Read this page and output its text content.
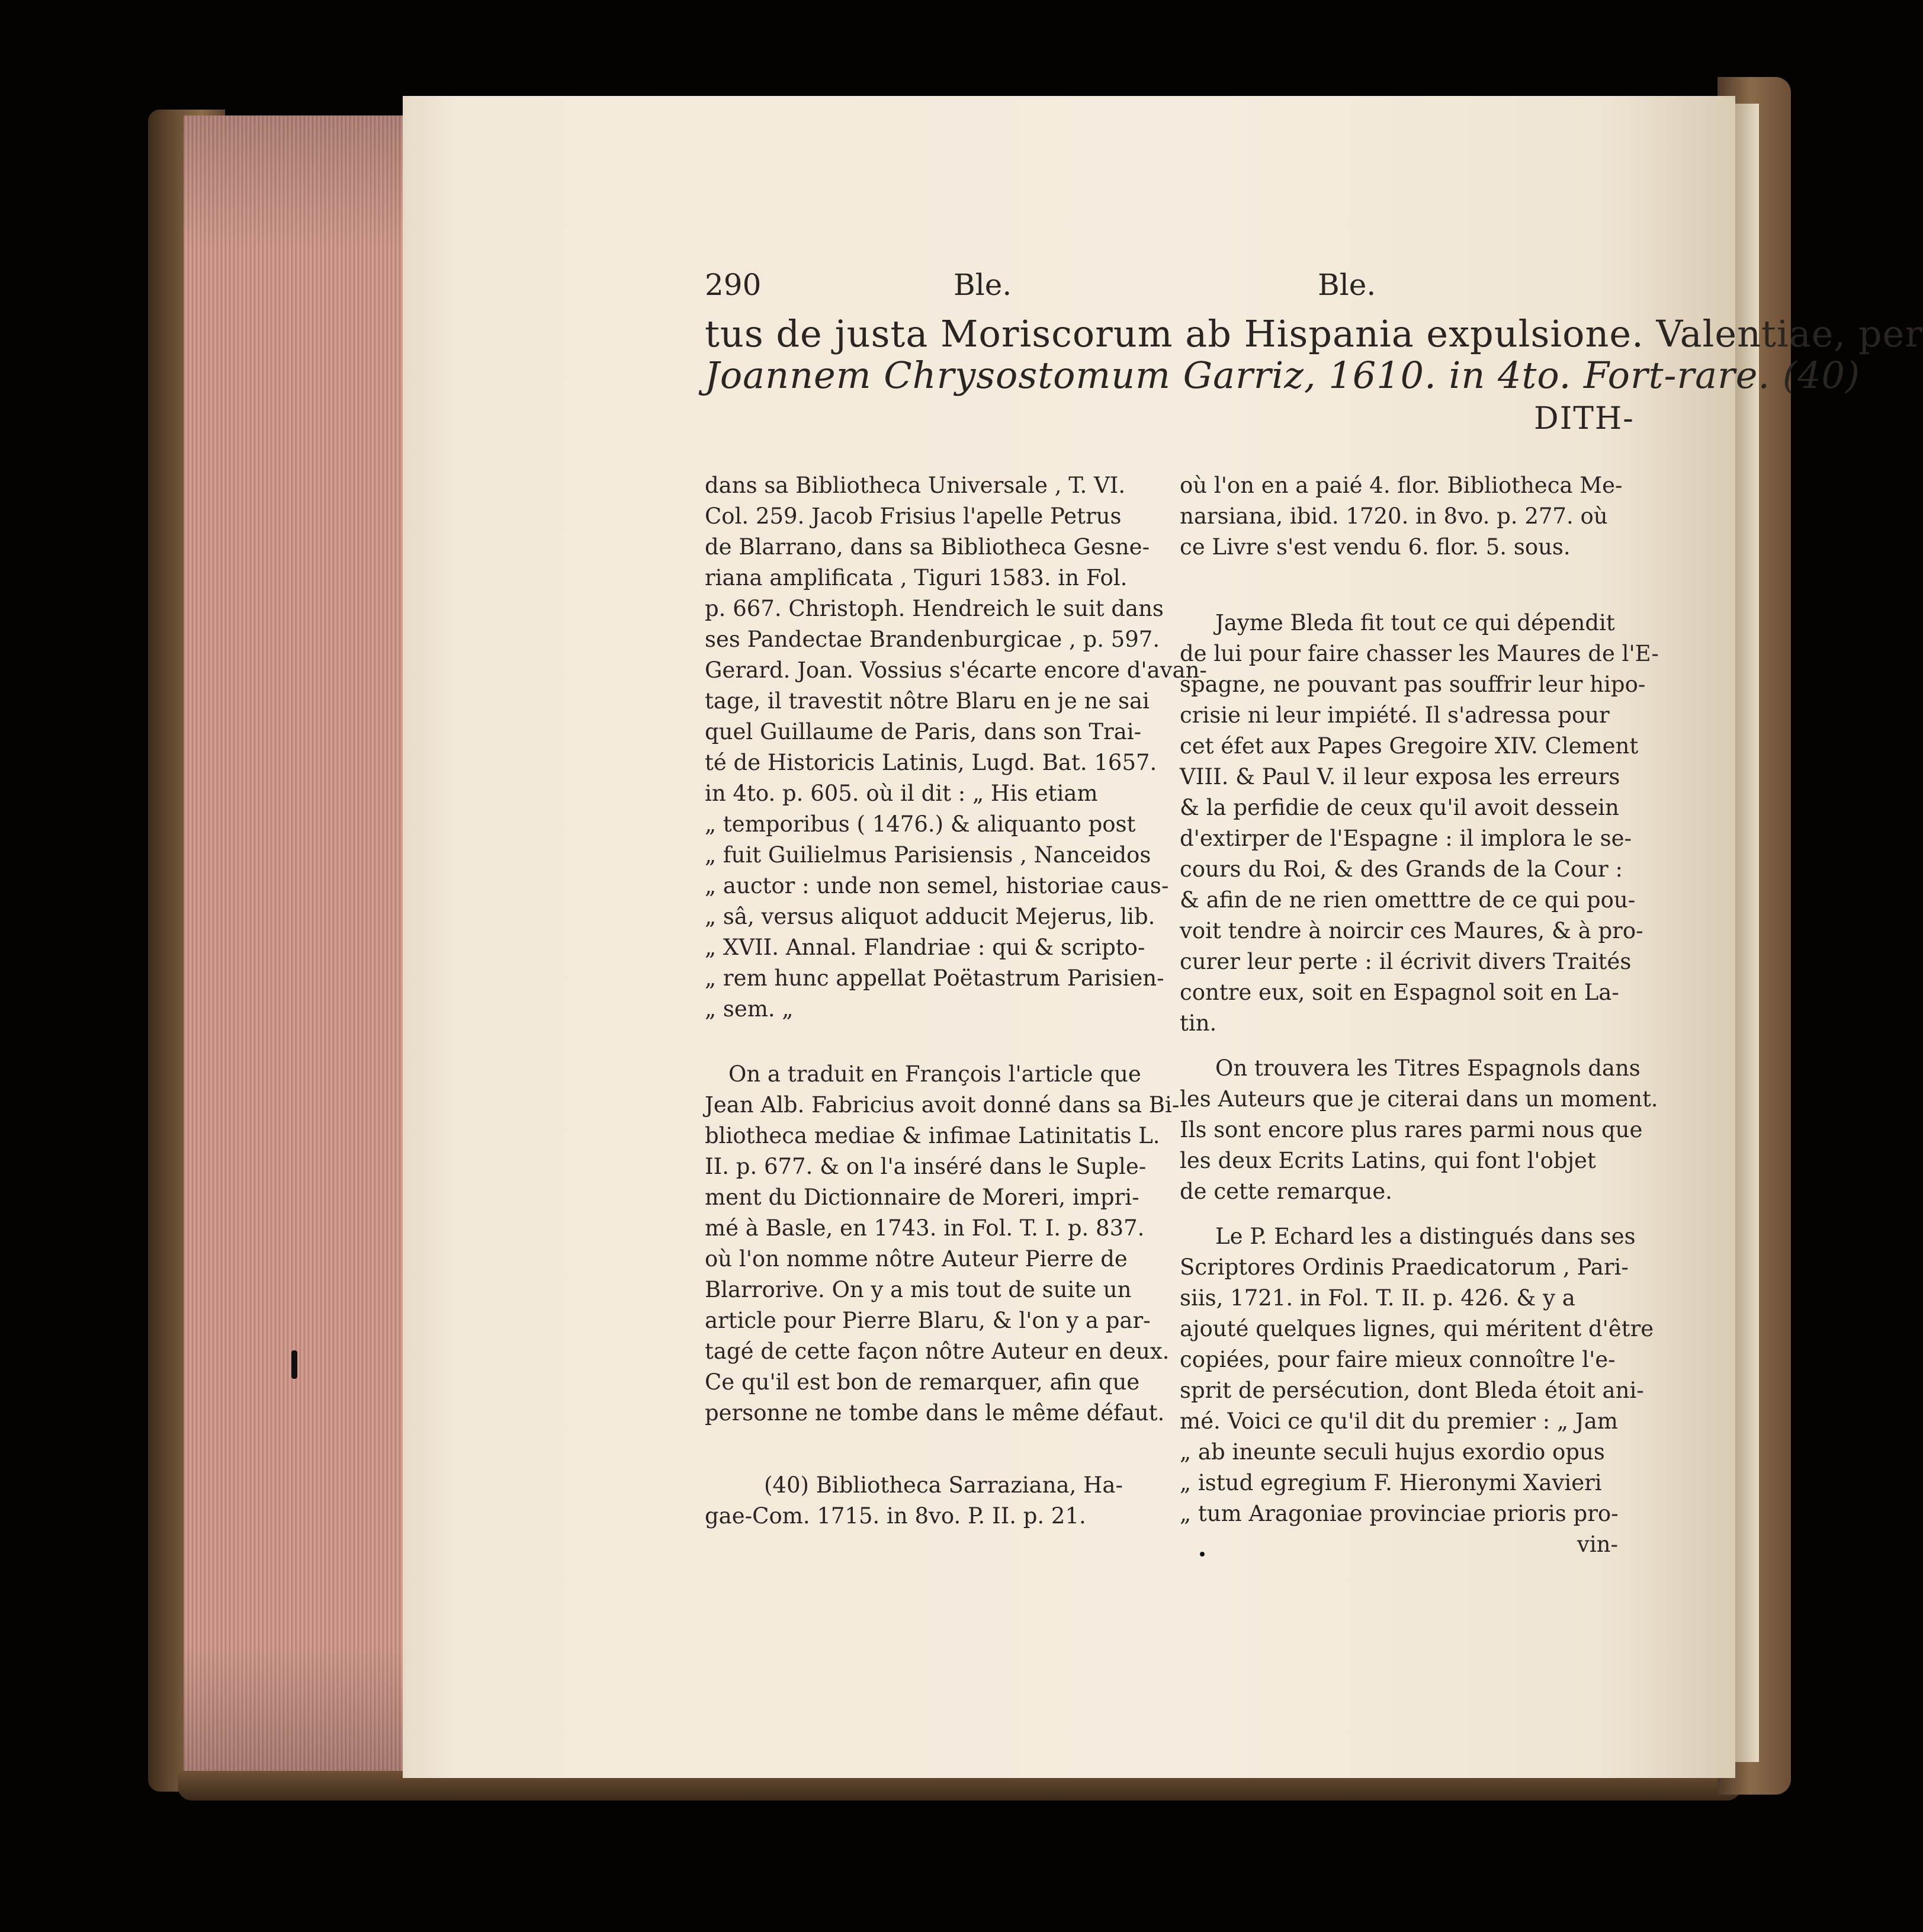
290	Ble.	Ble.
tus de justa Moriscorum ab Hispania expulsione. Valentiae, per
Joannem Chrysostomum Garriz, 1610. in 4to. Fort-rare. (40)
DITH-

dans sa Bibliotheca Universale , T. VI.

Col. 259. Jacob Frisius l'apelle Petrus

de Blarrano, dans sa Bibliotheca Gesne-

riana amplificata , Tiguri 1583. in Fol.

p. 667. Christoph. Hendreich le suit dans

ses Pandectae Brandenburgicae , p. 597.

Gerard. Joan. Vossius s'écarte encore d'avan-

tage, il travestit nôtre Blaru en je ne sai

quel Guillaume de Paris, dans son Trai-

té de Historicis Latinis, Lugd. Bat. 1657.

in 4to. p. 605. où il dit : „ His etiam

„ temporibus ( 1476.) & aliquanto post

„ fuit Guilielmus Parisiensis , Nanceidos

„ auctor : unde non semel, historiae caus-

„ sâ, versus aliquot adducit Mejerus, lib.

„ XVII. Annal. Flandriae : qui & scripto-

„ rem hunc appellat Poëtastrum Parisien-

„ sem. „

On a traduit en François l'article que

Jean Alb. Fabricius avoit donné dans sa Bi-

bliotheca mediae & infimae Latinitatis L.

II. p. 677. & on l'a inséré dans le Suple-

ment du Dictionnaire de Moreri, impri-

mé à Basle, en 1743. in Fol. T. I. p. 837.

où l'on nomme nôtre Auteur Pierre de

Blarrorive. On y a mis tout de suite un

article pour Pierre Blaru, & l'on y a par-

tagé de cette façon nôtre Auteur en deux.

Ce qu'il est bon de remarquer, afin que

personne ne tombe dans le même défaut.

(40) Bibliotheca Sarraziana, Ha-

gae-Com. 1715. in 8vo. P. II. p. 21.

où l'on en a paié 4. flor. Bibliotheca Me-

narsiana, ibid. 1720. in 8vo. p. 277. où

ce Livre s'est vendu 6. flor. 5. sous.

Jayme Bleda fit tout ce qui dépendit

de lui pour faire chasser les Maures de l'E-

spagne, ne pouvant pas souffrir leur hipo-

crisie ni leur impiété. Il s'adressa pour

cet éfet aux Papes Gregoire XIV. Clement

VIII. & Paul V. il leur exposa les erreurs

& la perfidie de ceux qu'il avoit dessein

d'extirper de l'Espagne : il implora le se-

cours du Roi, & des Grands de la Cour :

& afin de ne rien ometttre de ce qui pou-

voit tendre à noircir ces Maures, & à pro-

curer leur perte : il écrivit divers Traités

contre eux, soit en Espagnol soit en La-

tin.

On trouvera les Titres Espagnols dans

les Auteurs que je citerai dans un moment.

Ils sont encore plus rares parmi nous que

les deux Ecrits Latins, qui font l'objet

de cette remarque.

Le P. Echard les a distingués dans ses

Scriptores Ordinis Praedicatorum , Pari-

siis, 1721. in Fol. T. II. p. 426. & y a

ajouté quelques lignes, qui méritent d'être

copiées, pour faire mieux connoître l'e-

sprit de persécution, dont Bleda étoit ani-

mé. Voici ce qu'il dit du premier : „ Jam

„ ab ineunte seculi hujus exordio opus

„ istud egregium F. Hieronymi Xavieri

„ tum Aragoniae provinciae prioris pro-

vin-
